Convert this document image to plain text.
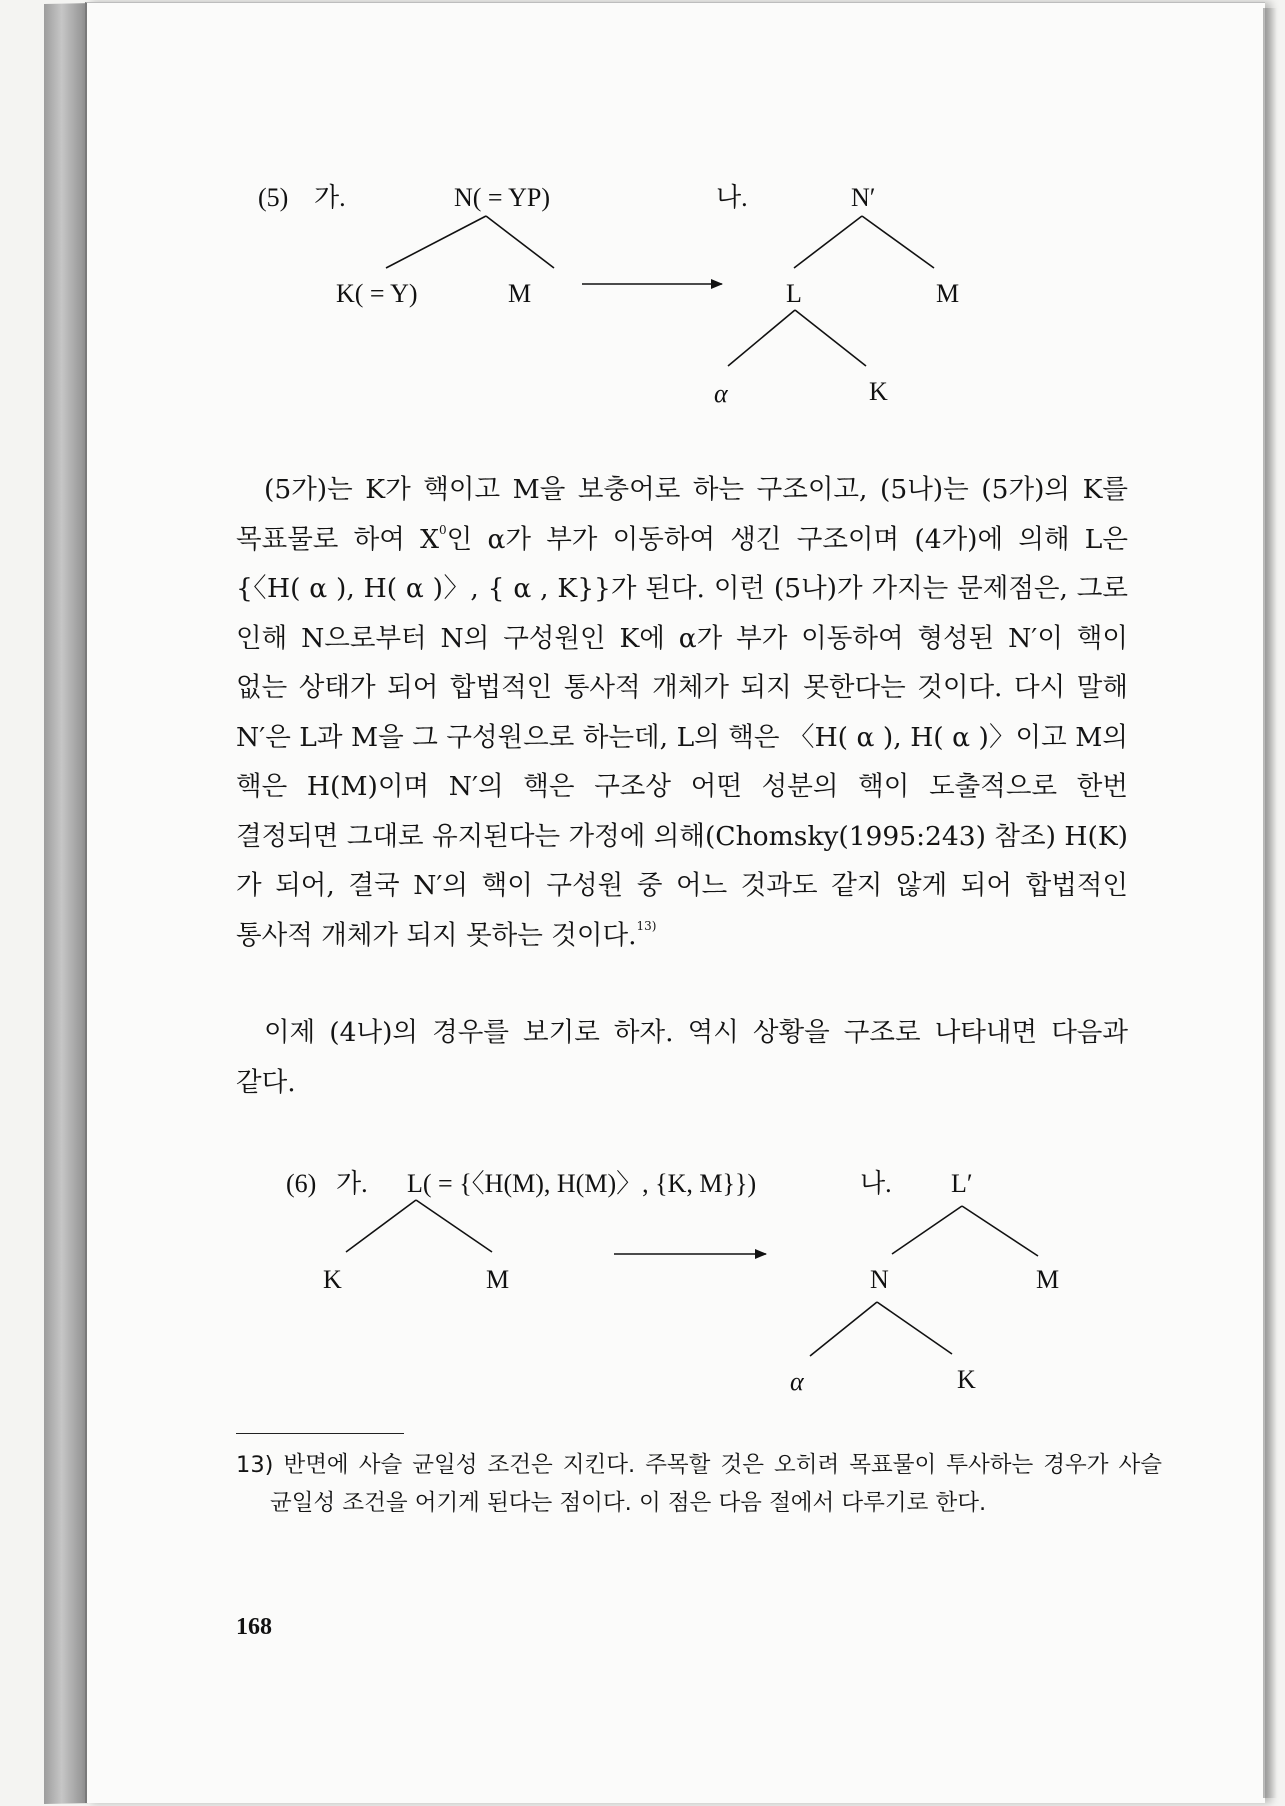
(5) 가.	N( = YP)
K( = Y)	M
나.	N′
L	M
α	K
(6) 가. L( = {〈H(M), H(M)〉, {K, M}})
K	M
나. L′
N	M
α	K

(5가)는 K가 핵이고 M을 보충어로 하는 구조이고, (5나)는 (5가)의 K를 목표물로 하여 $X^0$인 α가 부가 이동하여 생긴 구조이며 (4가)에 의해 L은 {〈H( α ), H( α )〉, { α , K}}가 된다. 이런 (5나)가 가지는 문제점은, 그로 인해 N으로부터 N의 구성원인 K에 α가 부가 이동하여 형성된 N′이 핵이 없는 상태가 되어 합법적인 통사적 개체가 되지 못한다는 것이다. 다시 말해 N′은 L과 M을 그 구성원으로 하는데, L의 핵은 〈H( α ), H( α )〉이고 M의 핵은 H(M)이며 N′의 핵은 구조상 어떤 성분의 핵이 도출적으로 한번 결정되면 그대로 유지된다는 가정에 의해(Chomsky(1995:243) 참조) H(K)가 되어, 결국 N′의 핵이 구성원 중 어느 것과도 같지 않게 되어 합법적인 통사적 개체가 되지 못하는 것이다.$^{13)}$

이제 (4나)의 경우를 보기로 하자. 역시 상황을 구조로 나타내면 다음과 같다.

13) 반면에 사슬 균일성 조건은 지킨다. 주목할 것은 오히려 목표물이 투사하는 경우가 사슬 균일성 조건을 어기게 된다는 점이다. 이 점은 다음 절에서 다루기로 한다.

168
